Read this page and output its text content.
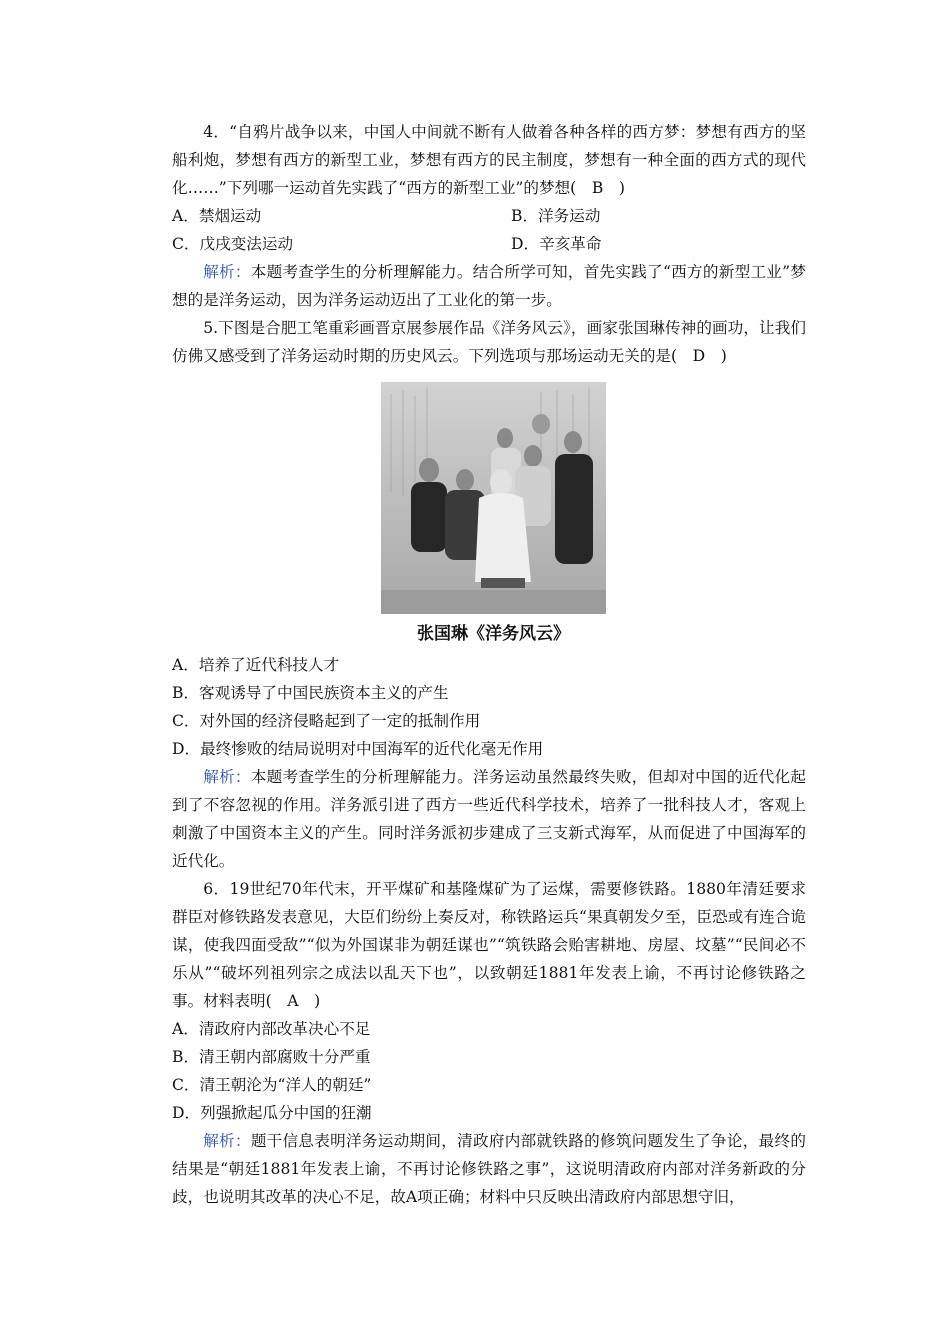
4．“自鸦片战争以来，中国人中间就不断有人做着各种各样的西方梦：梦想有西方的坚船利炮，梦想有西方的新型工业，梦想有西方的民主制度，梦想有一种全面的西方式的现代化……”下列哪一运动首先实践了“西方的新型工业”的梦想(　B　)

A．禁烟运动	B．洋务运动

C．戊戌变法运动	D．辛亥革命

解析：本题考查学生的分析理解能力。结合所学可知，首先实践了“西方的新型工业”梦想的是洋务运动，因为洋务运动迈出了工业化的第一步。

5.下图是合肥工笔重彩画晋京展参展作品《洋务风云》，画家张国琳传神的画功，让我们仿佛又感受到了洋务运动时期的历史风云。下列选项与那场运动无关的是(　D　)

张国琳《洋务风云》

A．培养了近代科技人才

B．客观诱导了中国民族资本主义的产生

C．对外国的经济侵略起到了一定的抵制作用

D．最终惨败的结局说明对中国海军的近代化毫无作用

解析：本题考查学生的分析理解能力。洋务运动虽然最终失败，但却对中国的近代化起到了不容忽视的作用。洋务派引进了西方一些近代科学技术，培养了一批科技人才，客观上刺激了中国资本主义的产生。同时洋务派初步建成了三支新式海军，从而促进了中国海军的近代化。

6．19世纪70年代末，开平煤矿和基隆煤矿为了运煤，需要修铁路。1880年清廷要求群臣对修铁路发表意见，大臣们纷纷上奏反对，称铁路运兵“果真朝发夕至，臣恐或有连合诡谋，使我四面受敌”“似为外国谋非为朝廷谋也”“筑铁路会贻害耕地、房屋、坟墓”“民间必不乐从”“破坏列祖列宗之成法以乱天下也”，以致朝廷1881年发表上谕，不再讨论修铁路之事。材料表明(　A　)

A．清政府内部改革决心不足

B．清王朝内部腐败十分严重

C．清王朝沦为“洋人的朝廷”

D．列强掀起瓜分中国的狂潮

解析：题干信息表明洋务运动期间，清政府内部就铁路的修筑问题发生了争论，最终的结果是“朝廷1881年发表上谕，不再讨论修铁路之事”，这说明清政府内部对洋务新政的分歧，也说明其改革的决心不足，故A项正确；材料中只反映出清政府内部思想守旧，
